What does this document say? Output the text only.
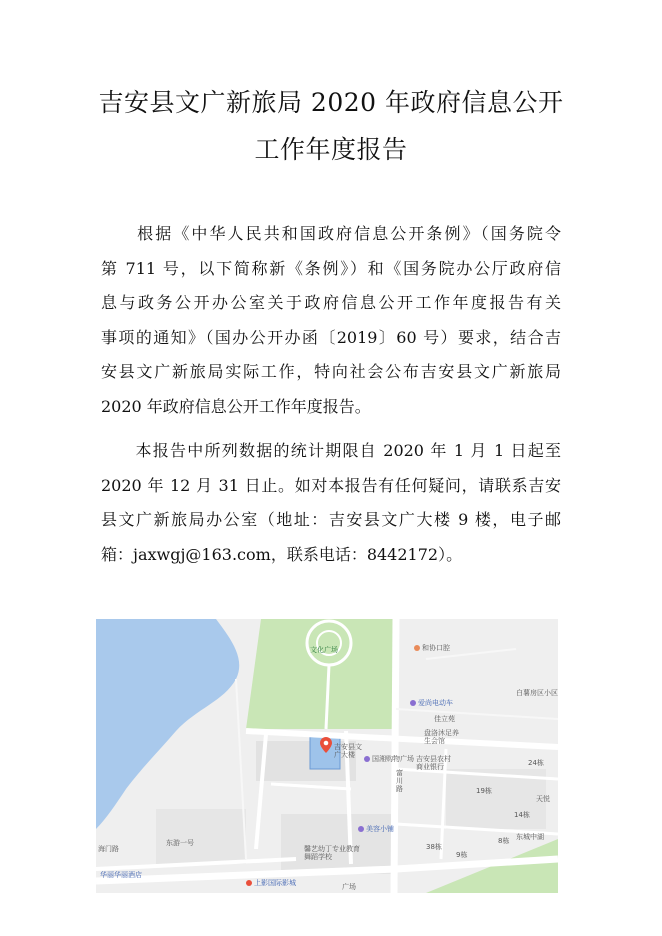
吉安县文广新旅局 2020 年政府信息公开
工作年度报告
　　根据《中华人民共和国政府信息公开条例》（国务院令
第 711 号，以下简称新《条例》）和《国务院办公厅政府信
息与政务公开办公室关于政府信息公开工作年度报告有关
事项的通知》（国办公开办函〔2019〕60 号）要求，结合吉
安县文广新旅局实际工作，特向社会公布吉安县文广新旅局
2020 年政府信息公开工作年度报告。
　　本报告中所列数据的统计期限自 2020 年 1 月 1 日起至
2020 年 12 月 31 日止。如对本报告有任何疑问，请联系吉安
县文广新旅局办公室（地址：吉安县文广大楼 9 楼，电子邮
箱：jaxwgj@163.com，联系电话：8442172）。
文化广场	和协口腔
白薯房区小区
爱尚电动车
佳立苑
盘洛沐足养生会馆
吉安县文广大楼	国湘购物广场 吉安县农村商业银行	24栋
富川路	19栋
14栋
天悦
东城中湖
美容小铺
馨艺幼丁专业教育舞蹈学校
38栋
9栋
8栋
东游一号
海门路
华丽华丽酒店
上影国际影城	广场
